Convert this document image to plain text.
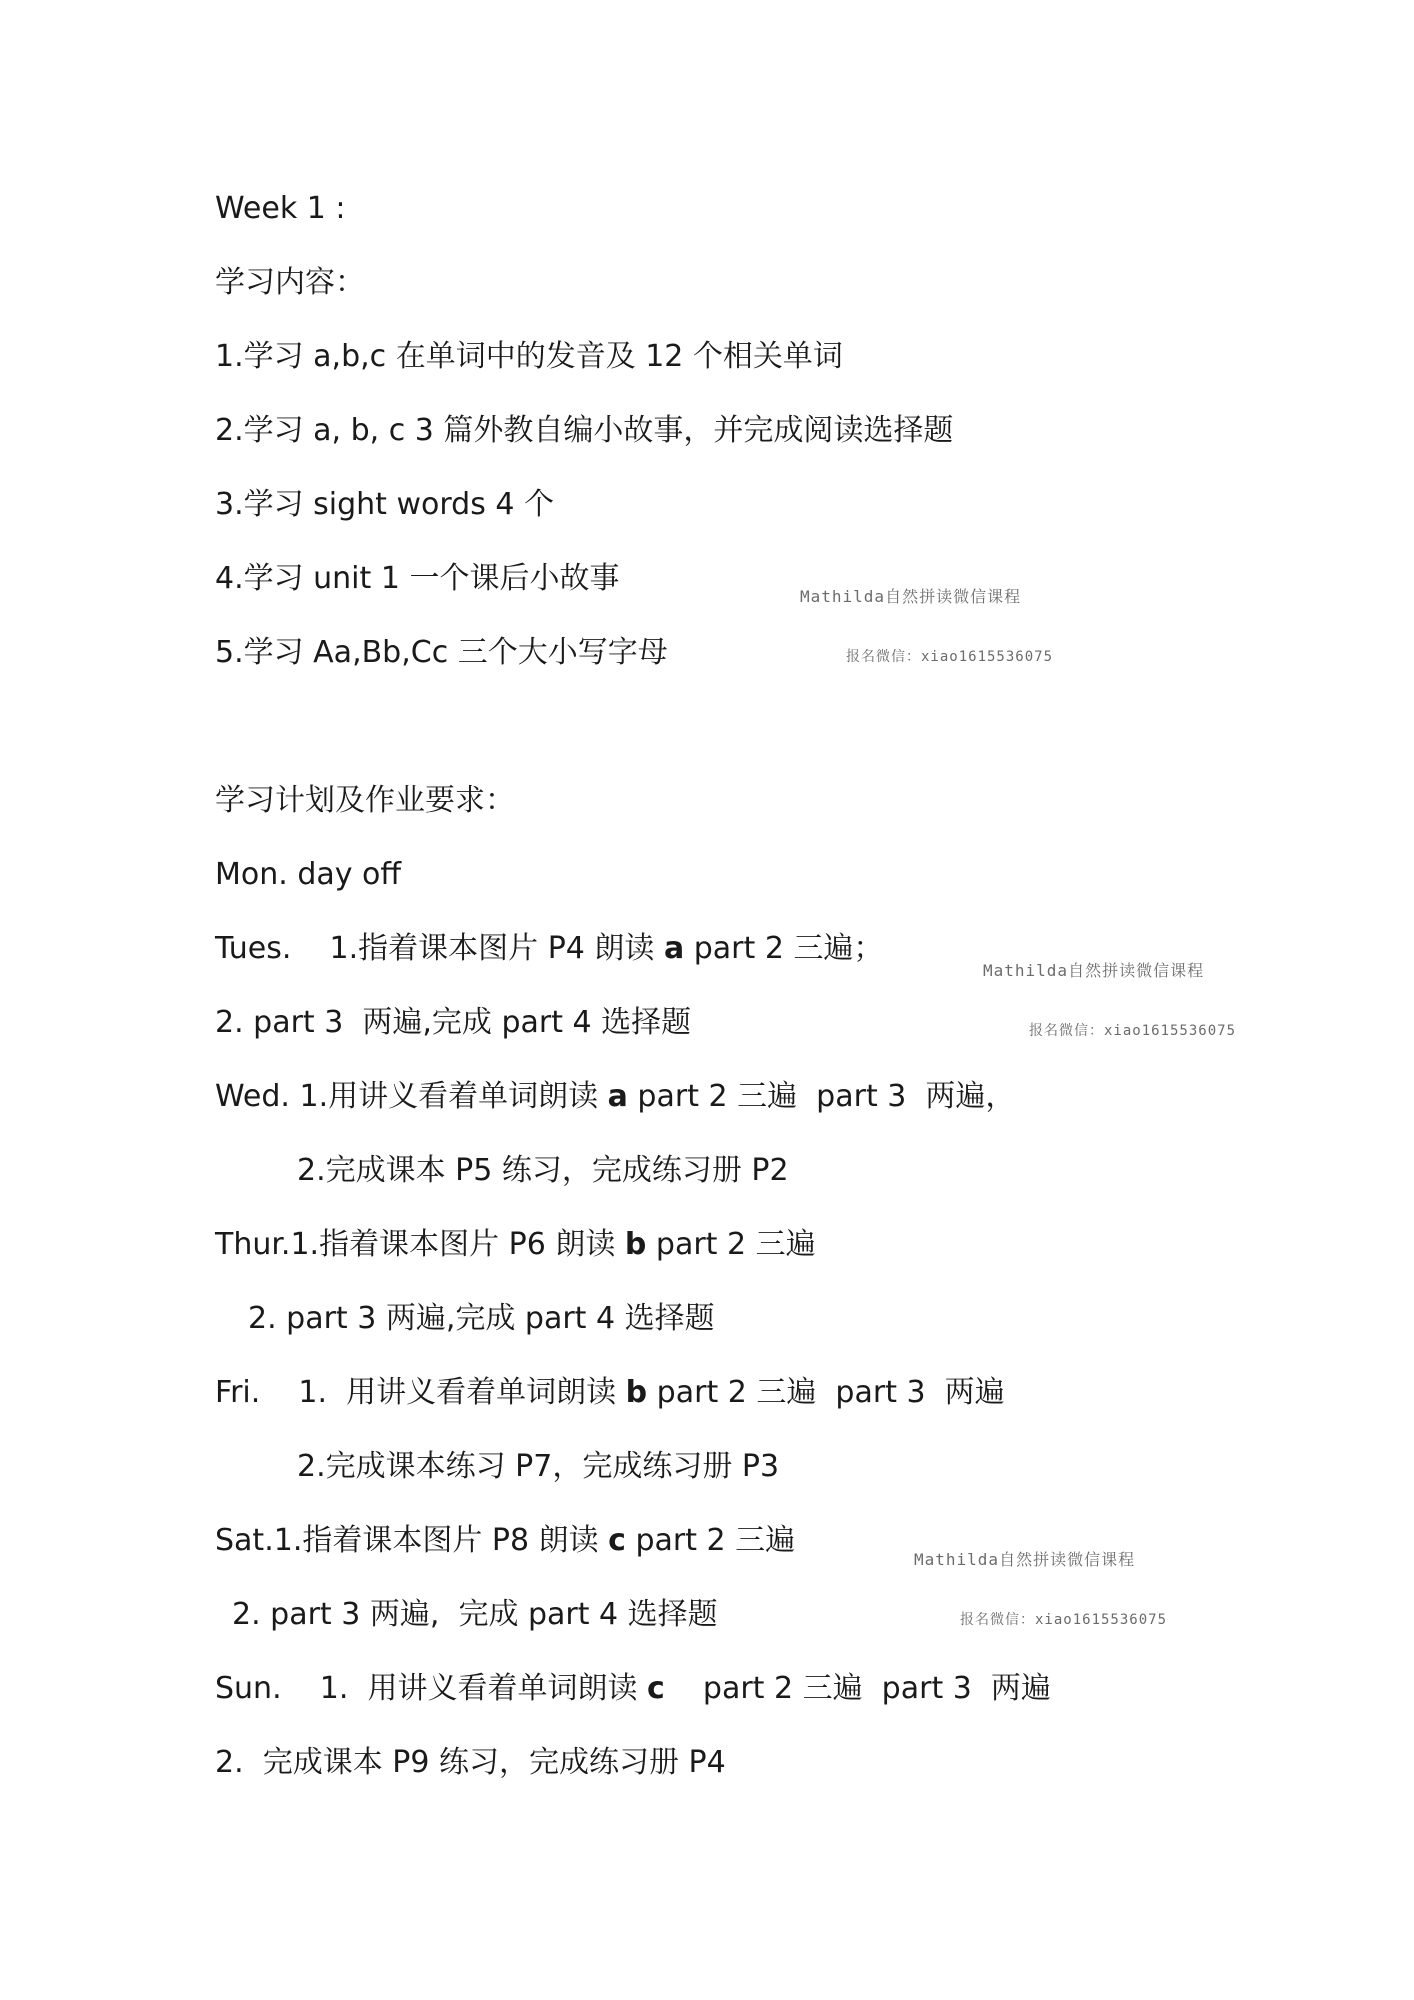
Week 1 :

学习内容：

1.学习 a,b,c 在单词中的发音及 12 个相关单词

2.学习 a, b, c 3 篇外教自编小故事，并完成阅读选择题

3.学习 sight words 4 个

4.学习 unit 1 一个课后小故事

5.学习 Aa,Bb,Cc 三个大小写字母

学习计划及作业要求：

Mon. day off

Tues.    1.指着课本图片 P4 朗读 a part 2 三遍；

2. part 3  两遍,完成 part 4 选择题

Wed. 1.用讲义看着单词朗读 a part 2 三遍  part 3  两遍，

2.完成课本 P5 练习，完成练习册 P2

Thur.1.指着课本图片 P6 朗读 b part 2 三遍

2. part 3 两遍,完成 part 4 选择题

Fri.    1.  用讲义看着单词朗读 b part 2 三遍  part 3  两遍

2.完成课本练习 P7，完成练习册 P3

Sat.1.指着课本图片 P8 朗读 c part 2 三遍

2. part 3 两遍,  完成 part 4 选择题

Sun.    1.  用讲义看着单词朗读 c    part 2 三遍  part 3  两遍

2.  完成课本 P9 练习，完成练习册 P4

Mathilda自然拼读微信课程

报名微信：xiao1615536075

Mathilda自然拼读微信课程

报名微信：xiao1615536075

Mathilda自然拼读微信课程

报名微信：xiao1615536075
